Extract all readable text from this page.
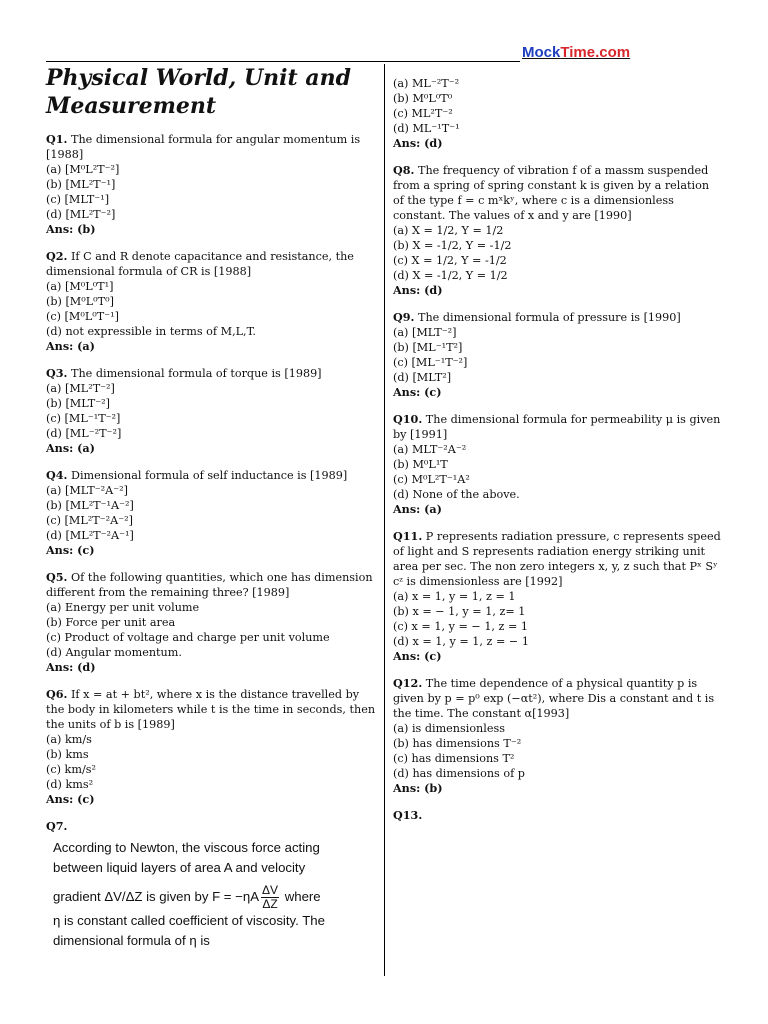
MockTime.com
Physical World, Unit and Measurement
Q1. The dimensional formula for angular momentum is [1988]
(a) [M⁰L²T⁻²]
(b) [ML²T⁻¹]
(c) [MLT⁻¹]
(d) [ML²T⁻²]
Ans: (b)
Q2. If C and R denote capacitance and resistance, the dimensional formula of CR is [1988]
(a) [M⁰L⁰T¹]
(b) [M⁰L⁰T⁰]
(c) [M⁰L⁰T⁻¹]
(d) not expressible in terms of M,L,T.
Ans: (a)
Q3. The dimensional formula of torque is [1989]
(a) [ML²T⁻²]
(b) [MLT⁻²]
(c) [ML⁻¹T⁻²]
(d) [ML⁻²T⁻²]
Ans: (a)
Q4. Dimensional formula of self inductance is [1989]
(a) [MLT⁻²A⁻²]
(b) [ML²T⁻¹A⁻²]
(c) [ML²T⁻²A⁻²]
(d) [ML²T⁻²A⁻¹]
Ans: (c)
Q5. Of the following quantities, which one has dimension different from the remaining three? [1989]
(a) Energy per unit volume
(b) Force per unit area
(c) Product of voltage and charge per unit volume
(d) Angular momentum.
Ans: (d)
Q6. If x = at + bt², where x is the distance travelled by the body in kilometers while t is the time in seconds, then the units of b is [1989]
(a) km/s
(b) kms
(c) km/s²
(d) kms²
Ans: (c)
Q7.
According to Newton, the viscous force acting
between liquid layers of area A and velocity
gradient ΔV/ΔZ is given by $F = -\eta A \frac{\Delta V}{\Delta Z}$ where
η is constant called coefficient of viscosity. The
dimensional formula of η is
(a) ML⁻²T⁻²
(b) M⁰L⁰T⁰
(c) ML²T⁻²
(d) ML⁻¹T⁻¹
Ans: (d)
Q8. The frequency of vibration f of a massm suspended from a spring of spring constant k is given by a relation of the type f = c mˣkʸ, where c is a dimensionless constant. The values of x and y are [1990]
(a) X = 1/2, Y = 1/2
(b) X = -1/2, Y = -1/2
(c) X = 1/2, Y = -1/2
(d) X = -1/2, Y = 1/2
Ans: (d)
Q9. The dimensional formula of pressure is [1990]
(a) [MLT⁻²]
(b) [ML⁻¹T²]
(c) [ML⁻¹T⁻²]
(d) [MLT²]
Ans: (c)
Q10. The dimensional formula for permeability μ is given by [1991]
(a) MLT⁻²A⁻²
(b) M⁰L¹T
(c) M⁰L²T⁻¹A²
(d) None of the above.
Ans: (a)
Q11. P represents radiation pressure, c represents speed of light and S represents radiation energy striking unit area per sec. The non zero integers x, y, z such that Pˣ Sʸ cᶻ is dimensionless are [1992]
(a) x = 1, y = 1, z = 1
(b) x = − 1, y = 1, z= 1
(c) x = 1, y = − 1, z = 1
(d) x = 1, y = 1, z = − 1
Ans: (c)
Q12. The time dependence of a physical quantity p is given by p = p⁰ exp (−αt²), where Dis a constant and t is the time. The constant α[1993]
(a) is dimensionless
(b) has dimensions T⁻²
(c) has dimensions T²
(d) has dimensions of p
Ans: (b)
Q13.
